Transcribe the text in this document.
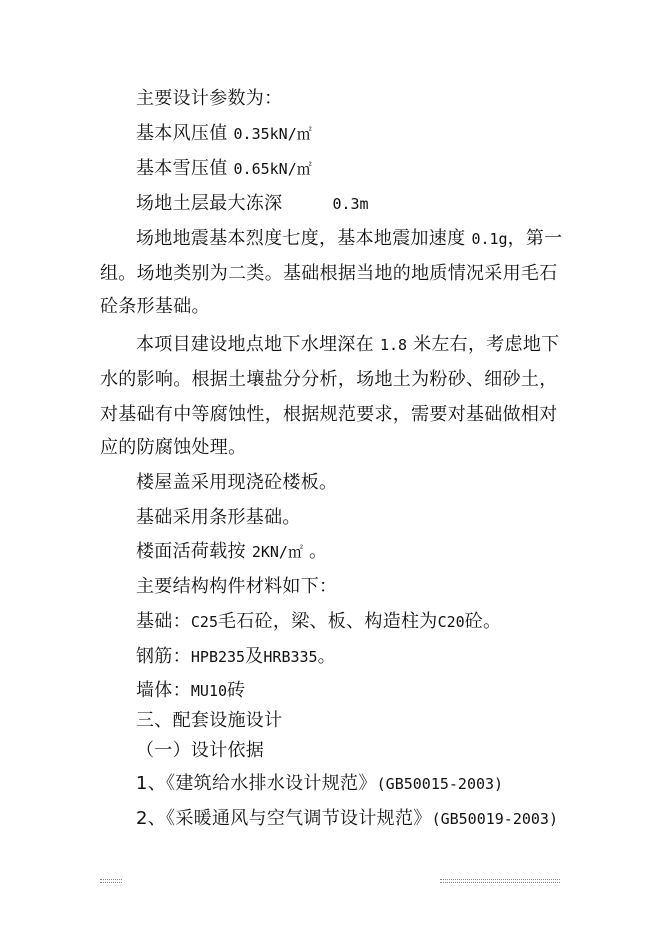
主要设计参数为：
基本风压值 0.35kN/㎡
基本雪压值 0.65kN/㎡
场地土层最大冻深	0.3m
场地地震基本烈度七度，基本地震加速度 0.1g，第一
组。场地类别为二类。基础根据当地的地质情况采用毛石
砼条形基础。
本项目建设地点地下水埋深在 1.8 米左右，考虑地下
水的影响。根据土壤盐分分析，场地土为粉砂、细砂土，
对基础有中等腐蚀性，根据规范要求，需要对基础做相对
应的防腐蚀处理。
楼屋盖采用现浇砼楼板。
基础采用条形基础。
楼面活荷载按 2KN/㎡ 。
主要结构构件材料如下：
基础：C25毛石砼，梁、板、构造柱为C20砼。
钢筋：HPB235及HRB335。
墙体：MU10砖
三、配套设施设计
（一）设计依据
1、《建筑给水排水设计规范》(GB50015-2003)
2、《采暖通风与空气调节设计规范》(GB50019-2003)
